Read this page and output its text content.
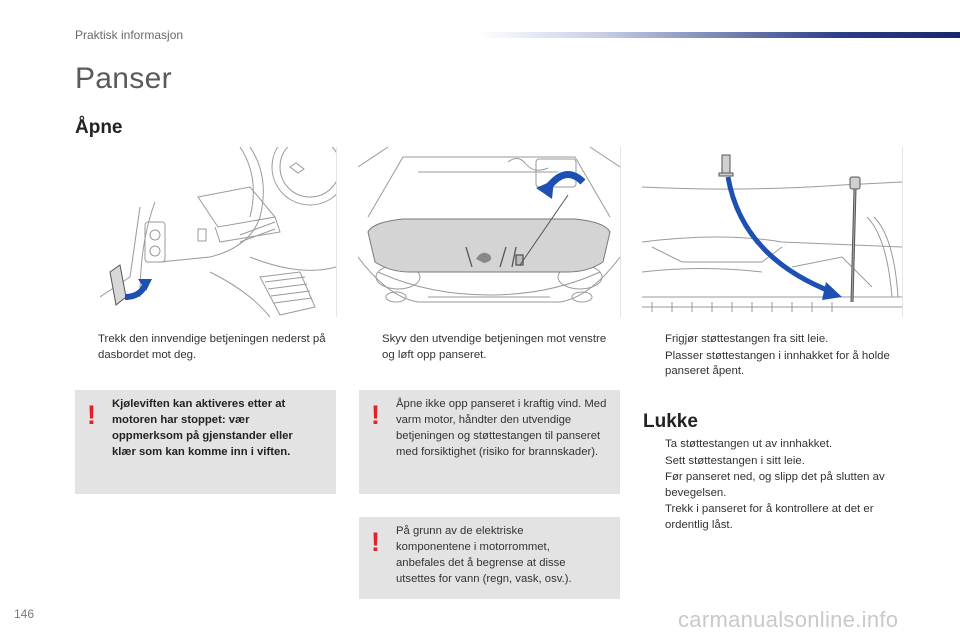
Praktisk informasjon
Panser
Åpne
Trekk den innvendige betjeningen nederst på dasbordet mot deg.
Skyv den utvendige betjeningen mot venstre og løft opp panseret.
Frigjør støttestangen fra sitt leie.
Plasser støttestangen i innhakket for å holde panseret åpent.
! Kjøleviften kan aktiveres etter at motoren har stoppet: vær oppmerksom på gjenstander eller klær som kan komme inn i viften.
! Åpne ikke opp panseret i kraftig vind. Med varm motor, håndter den utvendige betjeningen og støttestangen til panseret med forsiktighet (risiko for brannskader).
! På grunn av de elektriske komponentene i motorrommet, anbefales det å begrense at disse utsettes for vann (regn, vask, osv.).
Lukke
Ta støttestangen ut av innhakket.
Sett støttestangen i sitt leie.
Før panseret ned, og slipp det på slutten av bevegelsen.
Trekk i panseret for å kontrollere at det er ordentlig låst.
146	carmanualsonline.info
